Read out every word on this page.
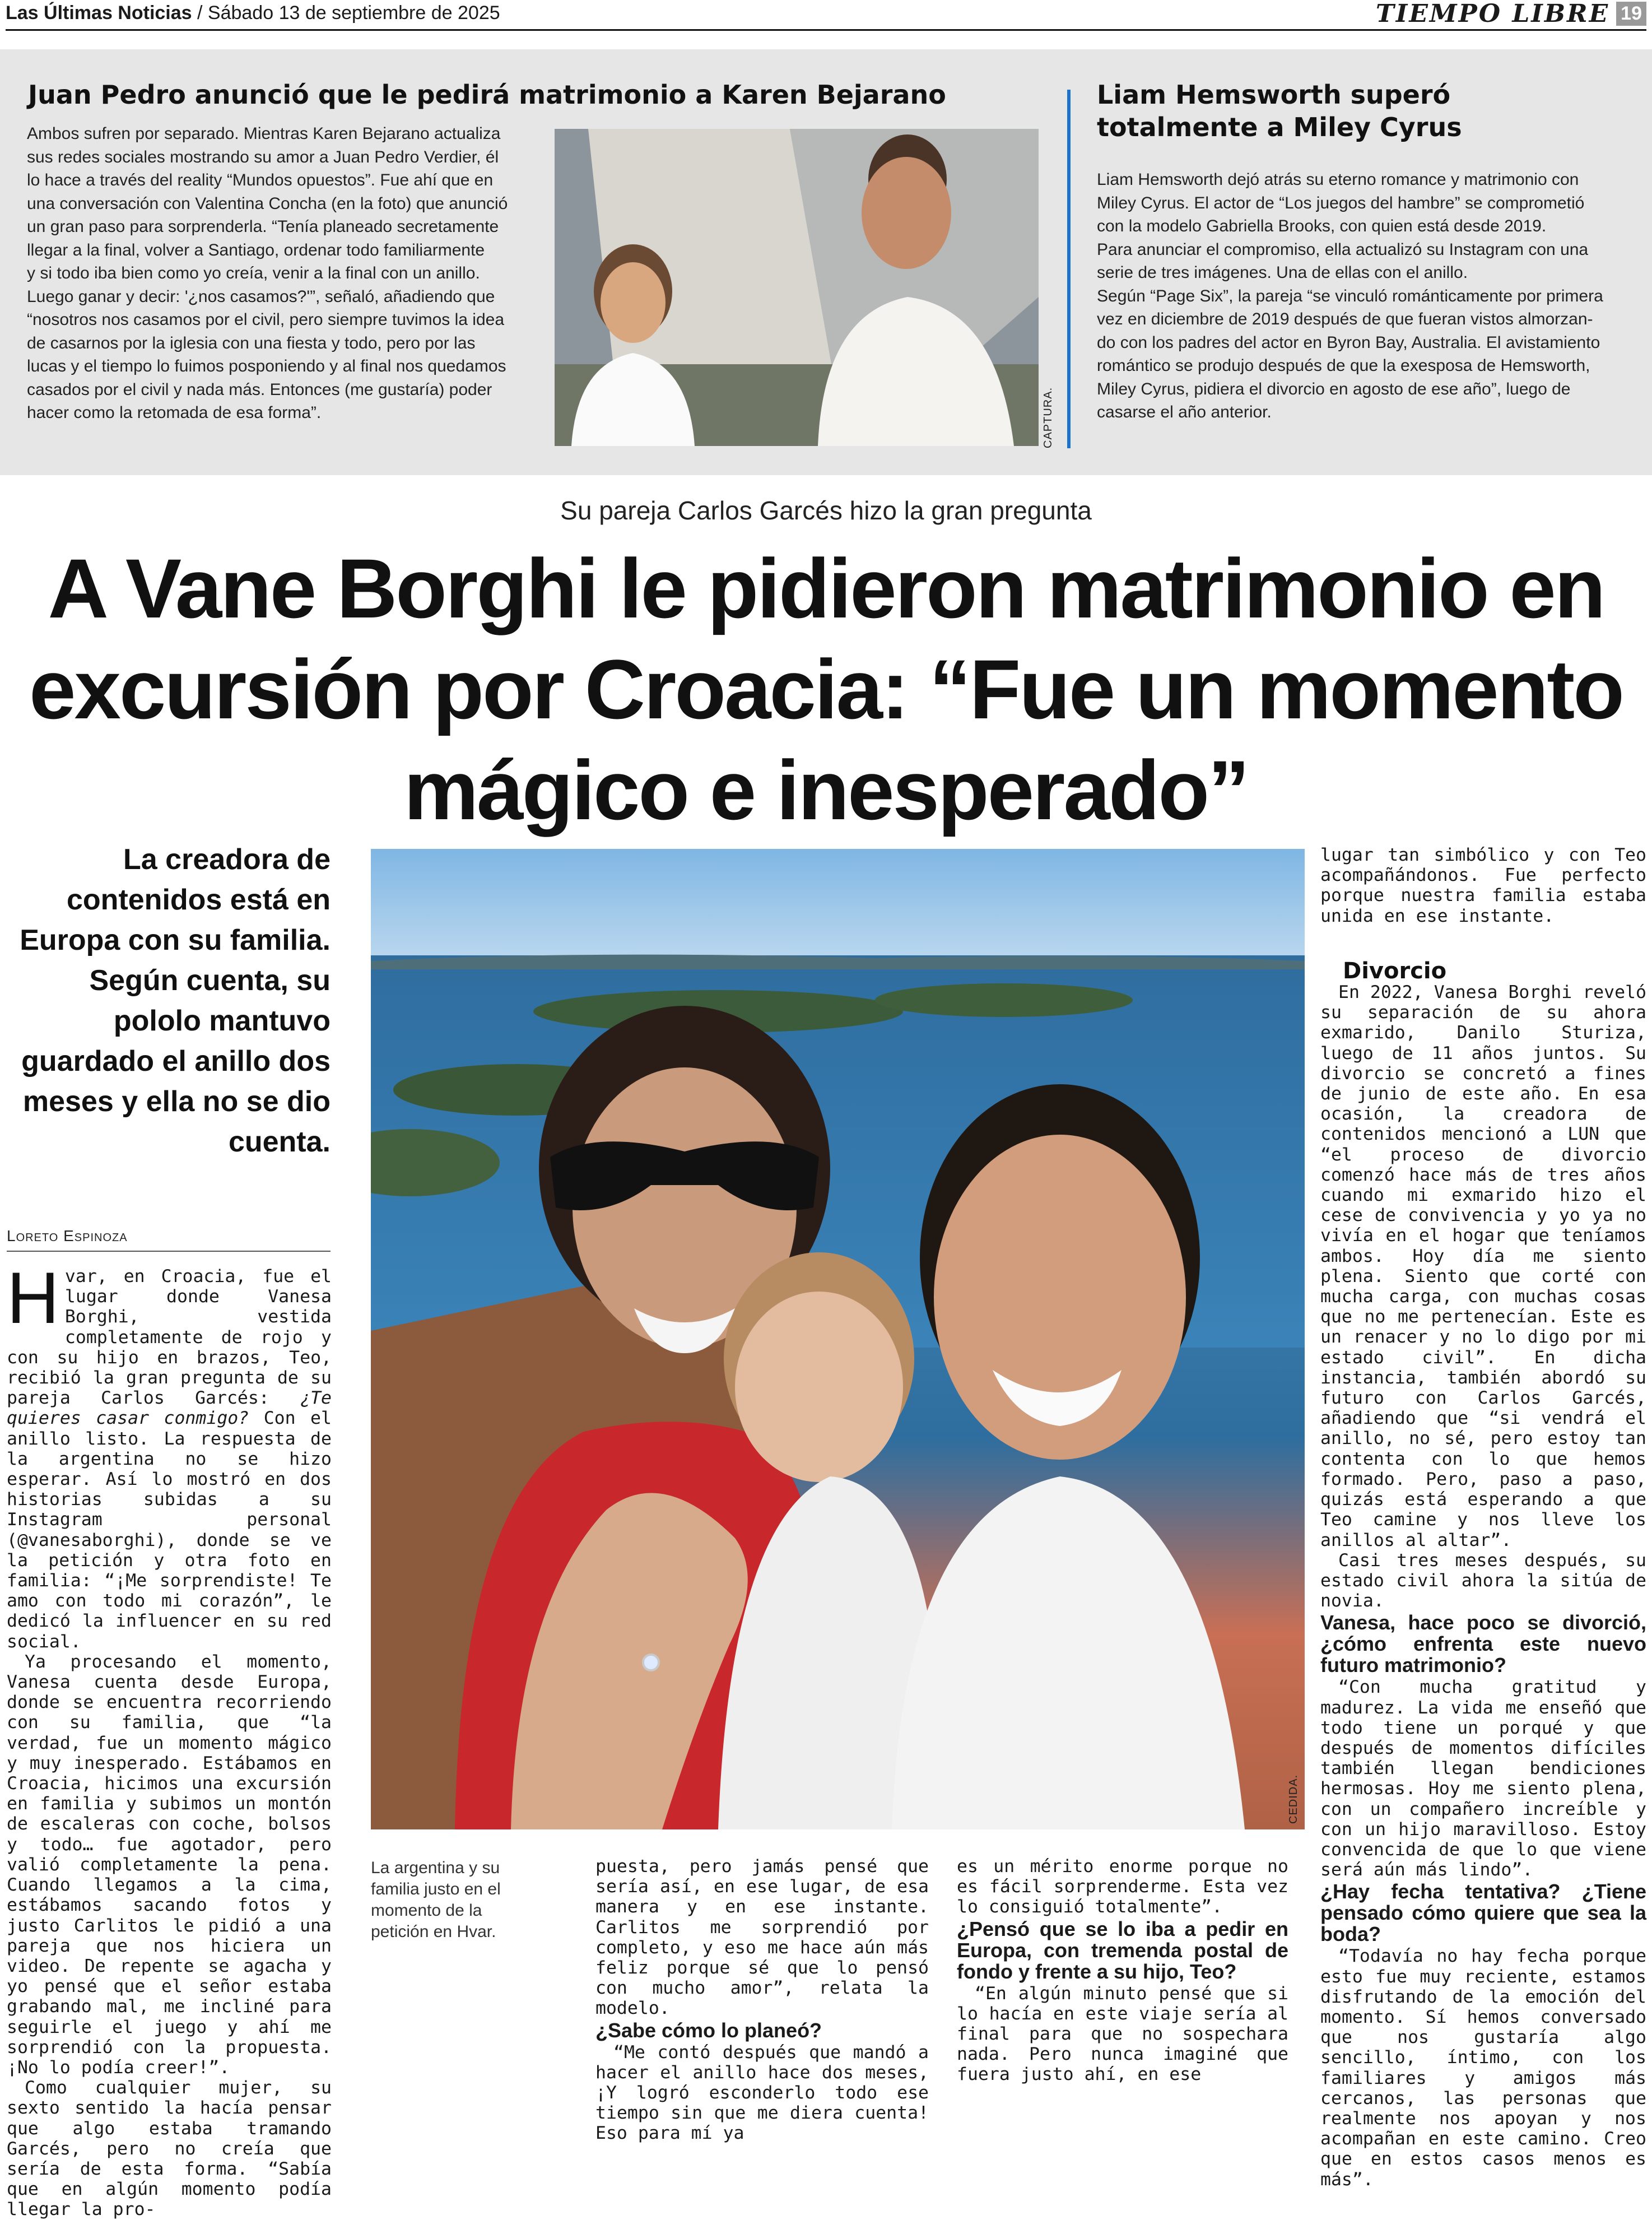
Las Últimas Noticias / Sábado 13 de septiembre de 2025	TIEMPO LIBRE 19
Juan Pedro anunció que le pedirá matrimonio a Karen Bejarano
Ambos sufren por separado. Mientras Karen Bejarano actualiza
sus redes sociales mostrando su amor a Juan Pedro Verdier, él
lo hace a través del reality “Mundos opuestos”. Fue ahí que en
una conversación con Valentina Concha (en la foto) que anunció
un gran paso para sorprenderla. “Tenía planeado secretamente
llegar a la final, volver a Santiago, ordenar todo familiarmente
y si todo iba bien como yo creía, venir a la final con un anillo.
Luego ganar y decir: '¿nos casamos?'”, señaló, añadiendo que
“nosotros nos casamos por el civil, pero siempre tuvimos la idea
de casarnos por la iglesia con una fiesta y todo, pero por las
lucas y el tiempo lo fuimos posponiendo y al final nos quedamos
casados por el civil y nada más. Entonces (me gustaría) poder
hacer como la retomada de esa forma”.	CAPTURA.
Liam Hemsworth superó
totalmente a Miley Cyrus
Liam Hemsworth dejó atrás su eterno romance y matrimonio con
Miley Cyrus. El actor de “Los juegos del hambre” se comprometió
con la modelo Gabriella Brooks, con quien está desde 2019.
Para anunciar el compromiso, ella actualizó su Instagram con una
serie de tres imágenes. Una de ellas con el anillo.
Según “Page Six”, la pareja “se vinculó románticamente por primera
vez en diciembre de 2019 después de que fueran vistos almorzan-
do con los padres del actor en Byron Bay, Australia. El avistamiento
romántico se produjo después de que la exesposa de Hemsworth,
Miley Cyrus, pidiera el divorcio en agosto de ese año”, luego de
casarse el año anterior.
Su pareja Carlos Garcés hizo la gran pregunta
A Vane Borghi le pidieron matrimonio en
excursión por Croacia: “Fue un momento
mágico e inesperado”
La creadora de contenidos está en Europa con su familia. Según cuenta, su pololo mantuvo guardado el anillo dos meses y ella no se dio cuenta.
Loreto Espinoza

Hvar, en Croacia, fue el lugar donde Vanesa Borghi, vestida completamente de rojo y con su hijo en brazos, Teo, recibió la gran pregunta de su pareja Carlos Garcés: ¿Te quieres casar conmigo? Con el anillo listo. La respuesta de la argentina no se hizo esperar. Así lo mostró en dos historias subidas a su Instagram personal (@vanesaborghi), donde se ve la petición y otra foto en familia: “¡Me sorprendiste! Te amo con todo mi corazón”, le dedicó la influencer en su red social.

Ya procesando el momento, Vanesa cuenta desde Europa, donde se encuentra recorriendo con su familia, que “la verdad, fue un momento mágico y muy inesperado. Estábamos en Croacia, hicimos una excursión en familia y subimos un montón de escaleras con coche, bolsos y todo… fue agotador, pero valió completamente la pena. Cuando llegamos a la cima, estábamos sacando fotos y justo Carlitos le pidió a una pareja que nos hiciera un video. De repente se agacha y yo pensé que el señor estaba grabando mal, me incliné para seguirle el juego y ahí me sorprendió con la propuesta. ¡No lo podía creer!”.

Como cualquier mujer, su sexto sentido la hacía pensar que algo estaba tramando Garcés, pero no creía que sería de esta forma. “Sabía que en algún momento podía llegar la pro-

CEDIDA.
La argentina y su familia justo en el momento de la petición en Hvar.

puesta, pero jamás pensé que sería así, en ese lugar, de esa manera y en ese instante. Carlitos me sorprendió por completo, y eso me hace aún más feliz porque sé que lo pensó con mucho amor”, relata la modelo.

¿Sabe cómo lo planeó?

“Me contó después que mandó a hacer el anillo hace dos meses, ¡Y logró esconderlo todo ese tiempo sin que me diera cuenta! Eso para mí ya

es un mérito enorme porque no es fácil sorprenderme. Esta vez lo consiguió totalmente”.

¿Pensó que se lo iba a pedir en Europa, con tremenda postal de fondo y frente a su hijo, Teo?

“En algún minuto pensé que si lo hacía en este viaje sería al final para que no sospechara nada. Pero nunca imaginé que fuera justo ahí, en ese

lugar tan simbólico y con Teo acompañándonos. Fue perfecto porque nuestra familia estaba unida en ese instante.

Divorcio

En 2022, Vanesa Borghi reveló su separación de su ahora exmarido, Danilo Sturiza, luego de 11 años juntos. Su divorcio se concretó a fines de junio de este año. En esa ocasión, la creadora de contenidos mencionó a LUN que “el proceso de divorcio comenzó hace más de tres años cuando mi exmarido hizo el cese de convivencia y yo ya no vivía en el hogar que teníamos ambos. Hoy día me siento plena. Siento que corté con mucha carga, con muchas cosas que no me pertenecían. Este es un renacer y no lo digo por mi estado civil”. En dicha instancia, también abordó su futuro con Carlos Garcés, añadiendo que “si vendrá el anillo, no sé, pero estoy tan contenta con lo que hemos formado. Pero, paso a paso, quizás está esperando a que Teo camine y nos lleve los anillos al altar”.

Casi tres meses después, su estado civil ahora la sitúa de novia.

Vanesa, hace poco se divorció, ¿cómo enfrenta este nuevo futuro matrimonio?

“Con mucha gratitud y madurez. La vida me enseñó que todo tiene un porqué y que después de momentos difíciles también llegan bendiciones hermosas. Hoy me siento plena, con un compañero increíble y con un hijo maravilloso. Estoy convencida de que lo que viene será aún más lindo”.

¿Hay fecha tentativa? ¿Tiene pensado cómo quiere que sea la boda?

“Todavía no hay fecha porque esto fue muy reciente, estamos disfrutando de la emoción del momento. Sí hemos conversado que nos gustaría algo sencillo, íntimo, con los familiares y amigos más cercanos, las personas que realmente nos apoyan y nos acompañan en este camino. Creo que en estos casos menos es más”.
